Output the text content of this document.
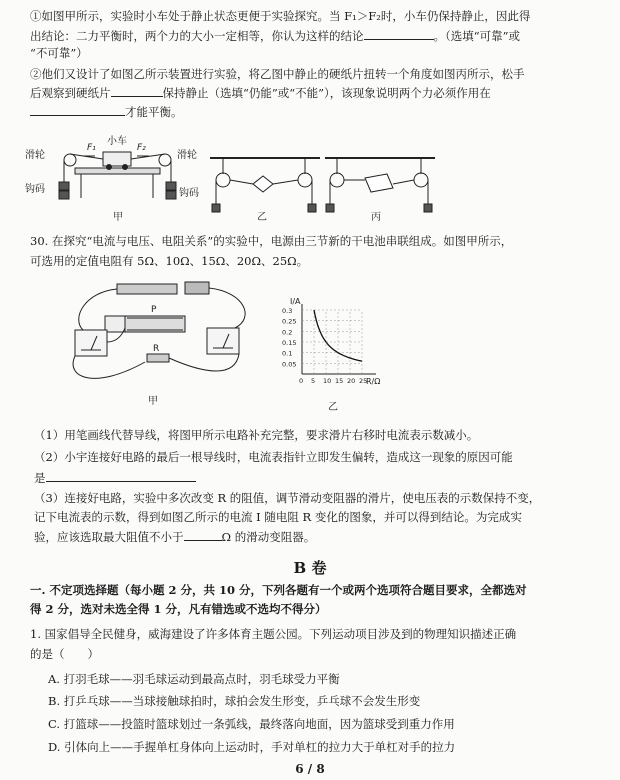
①如图甲所示，实验时小车处于静止状态更便于实验探究。当 F₁＞F₂时，小车仍保持静止，因此得
出结论：二力平衡时，两个力的大小一定相等，你认为这样的结论	。（选填“可靠”或
“不可靠”）
②他们又设计了如图乙所示装置进行实验，将乙图中静止的硬纸片扭转一个角度如图丙所示，松手
后观察到硬纸片	保持静止（选填“仍能”或“不能”），该现象说明两个力必须作用在
才能平衡。
滑轮	滑轮
钩码	钩码
小车
F₁	F₂
甲	乙	丙
30. 在探究“电流与电压、电阻关系”的实验中，电源由三节新的干电池串联组成。如图甲所示，
可选用的定值电阻有 5Ω、10Ω、15Ω、20Ω、25Ω。
P
R
甲
0.3
0.25
0.2
0.15
0.1
0.05
0 5 10 15 20 25
I/A
R/Ω
乙
（1）用笔画线代替导线，将图甲所示电路补充完整，要求滑片右移时电流表示数减小。
（2）小宇连接好电路的最后一根导线时，电流表指针立即发生偏转，造成这一现象的原因可能
是
（3）连接好电路，实验中多次改变 R 的阻值，调节滑动变阻器的滑片，使电压表的示数保持不变，
记下电流表的示数，得到如图乙所示的电流 I 随电阻 R 变化的图象，并可以得到结论。为完成实
验，应该选取最大阻值不小于	Ω 的滑动变阻器。
B 卷
一. 不定项选择题（每小题 2 分，共 10 分，下列各题有一个或两个选项符合题目要求，全都选对
得 2 分，选对未选全得 1 分，凡有错选或不选均不得分）
1. 国家倡导全民健身，威海建设了许多体育主题公园。下列运动项目涉及到的物理知识描述正确
的是（　　）
A. 打羽毛球——羽毛球运动到最高点时，羽毛球受力平衡
B. 打乒乓球——当球接触球拍时，球拍会发生形变，乒乓球不会发生形变
C. 打篮球——投篮时篮球划过一条弧线，最终落向地面，因为篮球受到重力作用
D. 引体向上——手握单杠身体向上运动时，手对单杠的拉力大于单杠对手的拉力
6 / 8
